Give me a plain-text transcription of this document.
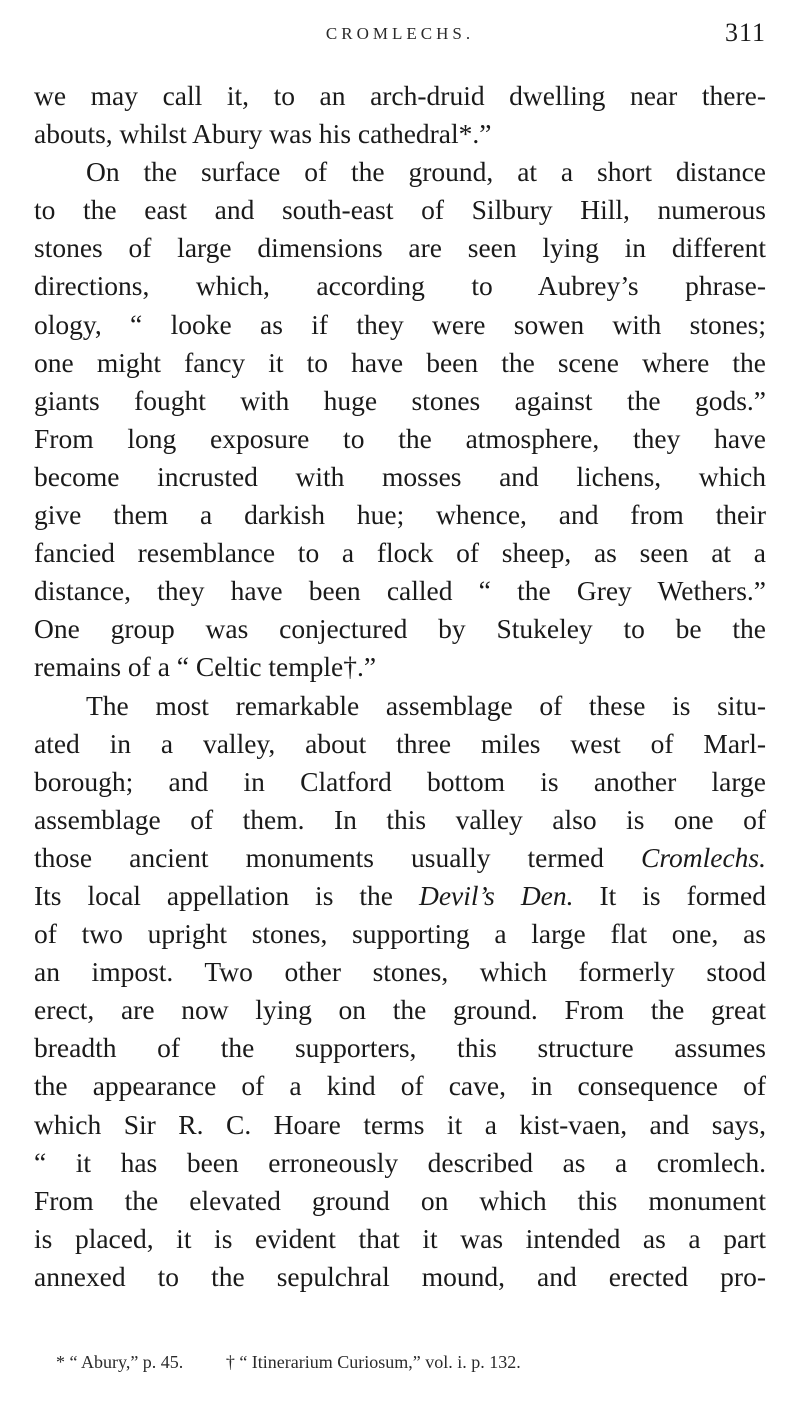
CROMLECHS.	311
we may call it, to an arch-druid dwelling near there-
abouts, whilst Abury was his cathedral*.”
On the surface of the ground, at a short distance
to the east and south-east of Silbury Hill, numerous
stones of large dimensions are seen lying in different
directions, which, according to Aubrey’s phrase-
ology, “ looke as if they were sowen with stones;
one might fancy it to have been the scene where the
giants fought with huge stones against the gods.”
From long exposure to the atmosphere, they have
become incrusted with mosses and lichens, which
give them a darkish hue; whence, and from their
fancied resemblance to a flock of sheep, as seen at a
distance, they have been called “ the Grey Wethers.”
One group was conjectured by Stukeley to be the
remains of a “ Celtic temple†.”
The most remarkable assemblage of these is situ-
ated in a valley, about three miles west of Marl-
borough; and in Clatford bottom is another large
assemblage of them. In this valley also is one of
those ancient monuments usually termed Cromlechs.
Its local appellation is the Devil’s Den. It is formed
of two upright stones, supporting a large flat one, as
an impost. Two other stones, which formerly stood
erect, are now lying on the ground. From the great
breadth of the supporters, this structure assumes
the appearance of a kind of cave, in consequence of
which Sir R. C. Hoare terms it a kist-vaen, and says,
“ it has been erroneously described as a cromlech.
From the elevated ground on which this monument
is placed, it is evident that it was intended as a part
annexed to the sepulchral mound, and erected pro-
* “ Abury,” p. 45. † “ Itinerarium Curiosum,” vol. i. p. 132.
